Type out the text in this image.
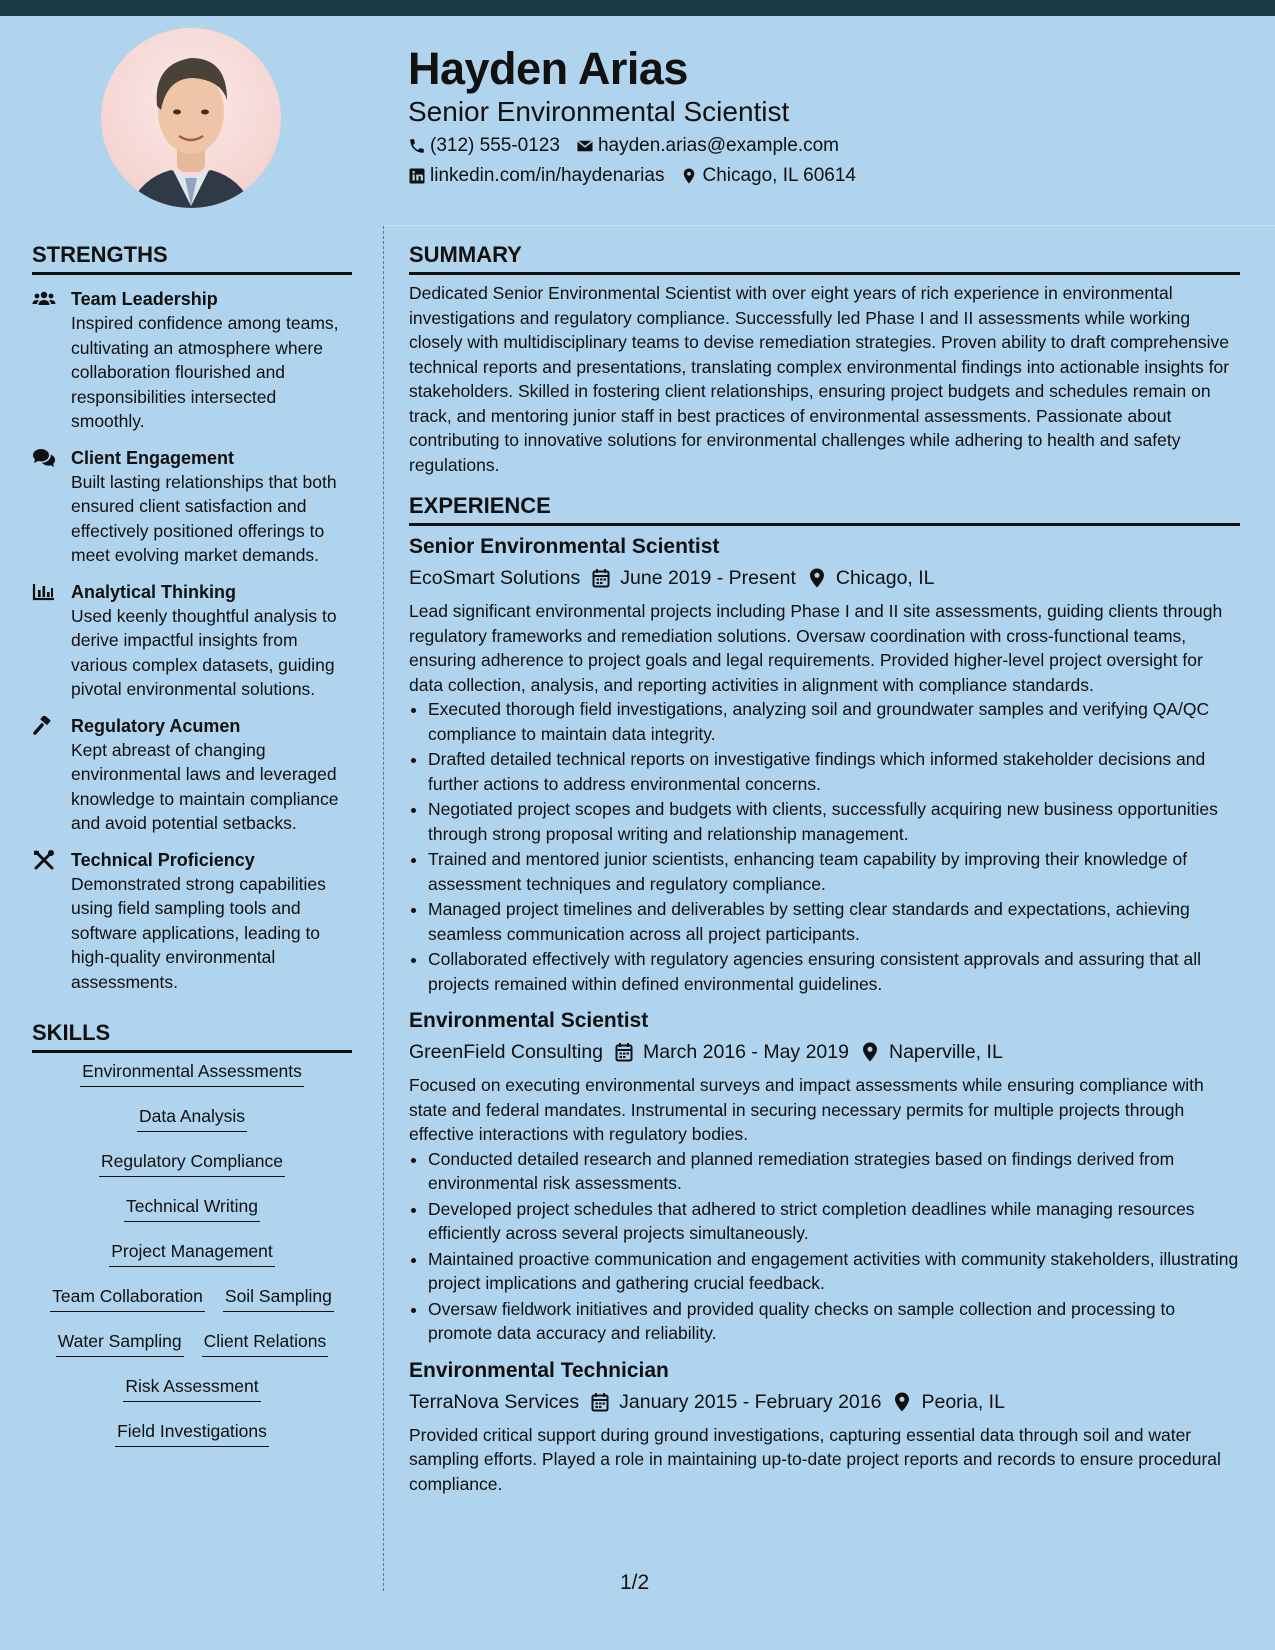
Hayden Arias
Senior Environmental Scientist
(312) 555-0123 hayden.arias@example.com
linkedin.com/in/haydenarias Chicago, IL 60614
STRENGTHS
Team Leadership
Inspired confidence among teams, cultivating an atmosphere where collaboration flourished and responsibilities intersected smoothly.
Client Engagement
Built lasting relationships that both ensured client satisfaction and effectively positioned offerings to meet evolving market demands.
Analytical Thinking
Used keenly thoughtful analysis to derive impactful insights from various complex datasets, guiding pivotal environmental solutions.
Regulatory Acumen
Kept abreast of changing environmental laws and leveraged knowledge to maintain compliance and avoid potential setbacks.
Technical Proficiency
Demonstrated strong capabilities using field sampling tools and software applications, leading to high-quality environmental assessments.
SKILLS
Environmental Assessments
Data Analysis
Regulatory Compliance
Technical Writing
Project Management
Team Collaboration Soil Sampling
Water Sampling Client Relations
Risk Assessment
Field Investigations
SUMMARY
Dedicated Senior Environmental Scientist with over eight years of rich experience in environmental investigations and regulatory compliance. Successfully led Phase I and II assessments while working closely with multidisciplinary teams to devise remediation strategies. Proven ability to draft comprehensive technical reports and presentations, translating complex environmental findings into actionable insights for stakeholders. Skilled in fostering client relationships, ensuring project budgets and schedules remain on track, and mentoring junior staff in best practices of environmental assessments. Passionate about contributing to innovative solutions for environmental challenges while adhering to health and safety regulations.
EXPERIENCE
Senior Environmental Scientist
EcoSmart Solutions June 2019 - Present Chicago, IL
Lead significant environmental projects including Phase I and II site assessments, guiding clients through regulatory frameworks and remediation solutions. Oversaw coordination with cross-functional teams, ensuring adherence to project goals and legal requirements. Provided higher-level project oversight for data collection, analysis, and reporting activities in alignment with compliance standards.
• Executed thorough field investigations, analyzing soil and groundwater samples and verifying QA/QC compliance to maintain data integrity.
• Drafted detailed technical reports on investigative findings which informed stakeholder decisions and further actions to address environmental concerns.
• Negotiated project scopes and budgets with clients, successfully acquiring new business opportunities through strong proposal writing and relationship management.
• Trained and mentored junior scientists, enhancing team capability by improving their knowledge of assessment techniques and regulatory compliance.
• Managed project timelines and deliverables by setting clear standards and expectations, achieving seamless communication across all project participants.
• Collaborated effectively with regulatory agencies ensuring consistent approvals and assuring that all projects remained within defined environmental guidelines.
Environmental Scientist
GreenField Consulting March 2016 - May 2019 Naperville, IL
Focused on executing environmental surveys and impact assessments while ensuring compliance with state and federal mandates. Instrumental in securing necessary permits for multiple projects through effective interactions with regulatory bodies.
• Conducted detailed research and planned remediation strategies based on findings derived from environmental risk assessments.
• Developed project schedules that adhered to strict completion deadlines while managing resources efficiently across several projects simultaneously.
• Maintained proactive communication and engagement activities with community stakeholders, illustrating project implications and gathering crucial feedback.
• Oversaw fieldwork initiatives and provided quality checks on sample collection and processing to promote data accuracy and reliability.
Environmental Technician
TerraNova Services January 2015 - February 2016 Peoria, IL
Provided critical support during ground investigations, capturing essential data through soil and water sampling efforts. Played a role in maintaining up-to-date project reports and records to ensure procedural compliance.
1/2
